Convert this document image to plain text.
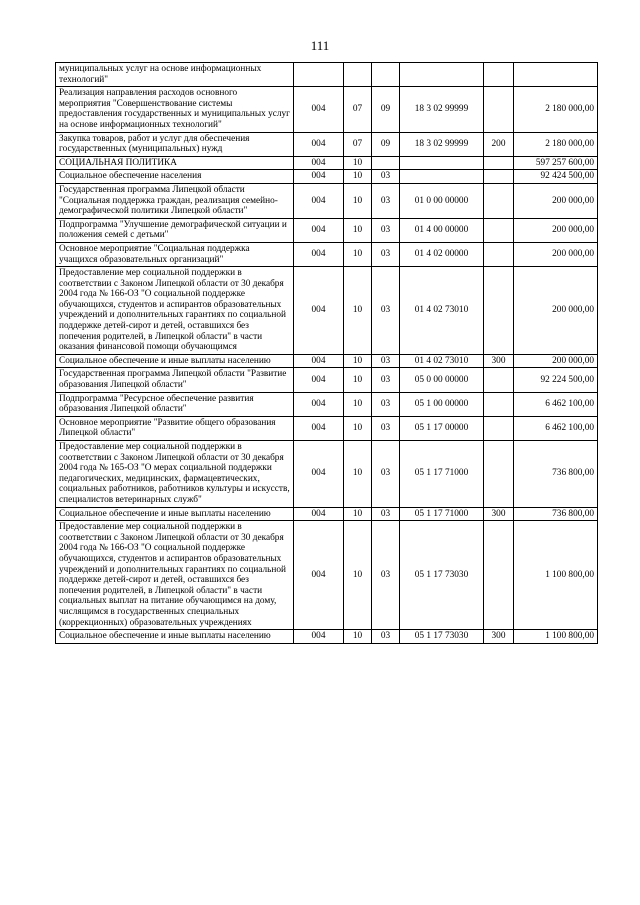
111
муниципальных услуг на основе информационных технологий"						
Реализация направления расходов основного мероприятия "Совершенствование системы предоставления государственных и муниципальных услуг на основе информационных технологий"	004	07	09	18 3 02 99999		2 180 000,00
Закупка товаров, работ и услуг для обеспечения государственных (муниципальных) нужд	004	07	09	18 3 02 99999	200	2 180 000,00
СОЦИАЛЬНАЯ ПОЛИТИКА	004	10				597 257 600,00
Социальное обеспечение населения	004	10	03			92 424 500,00
Государственная программа Липецкой области "Социальная поддержка граждан, реализация семейно-демографической политики Липецкой области"	004	10	03	01 0 00 00000		200 000,00
Подпрограмма "Улучшение демографической ситуации и положения семей с детьми"	004	10	03	01 4 00 00000		200 000,00
Основное мероприятие "Социальная поддержка учащихся образовательных организаций"	004	10	03	01 4 02 00000		200 000,00
Предоставление мер социальной поддержки в соответствии с Законом Липецкой области от 30 декабря 2004 года № 166-ОЗ "О социальной поддержке обучающихся, студентов и аспирантов образовательных учреждений и дополнительных гарантиях по социальной поддержке детей-сирот и детей, оставшихся без попечения родителей, в Липецкой области" в части оказания финансовой помощи обучающимся	004	10	03	01 4 02 73010		200 000,00
Социальное обеспечение и иные выплаты населению	004	10	03	01 4 02 73010	300	200 000,00
Государственная программа Липецкой области "Развитие образования Липецкой области"	004	10	03	05 0 00 00000		92 224 500,00
Подпрограмма "Ресурсное обеспечение развития образования Липецкой области"	004	10	03	05 1 00 00000		6 462 100,00
Основное мероприятие "Развитие общего образования Липецкой области"	004	10	03	05 1 17 00000		6 462 100,00
Предоставление мер социальной поддержки в соответствии с Законом Липецкой области от 30 декабря 2004 года № 165-ОЗ "О мерах социальной поддержки педагогических, медицинских, фармацевтических, социальных работников, работников культуры и искусств, специалистов ветеринарных служб"	004	10	03	05 1 17 71000		736 800,00
Социальное обеспечение и иные выплаты населению	004	10	03	05 1 17 71000	300	736 800,00
Предоставление мер социальной поддержки в соответствии с Законом Липецкой области от 30 декабря 2004 года № 166-ОЗ "О социальной поддержке обучающихся, студентов и аспирантов образовательных учреждений и дополнительных гарантиях по социальной поддержке детей-сирот и детей, оставшихся без попечения родителей, в Липецкой области" в части социальных выплат на питание обучающимся на дому, числящимся в государственных специальных (коррекционных) образовательных учреждениях	004	10	03	05 1 17 73030		1 100 800,00
Социальное обеспечение и иные выплаты населению	004	10	03	05 1 17 73030	300	1 100 800,00
